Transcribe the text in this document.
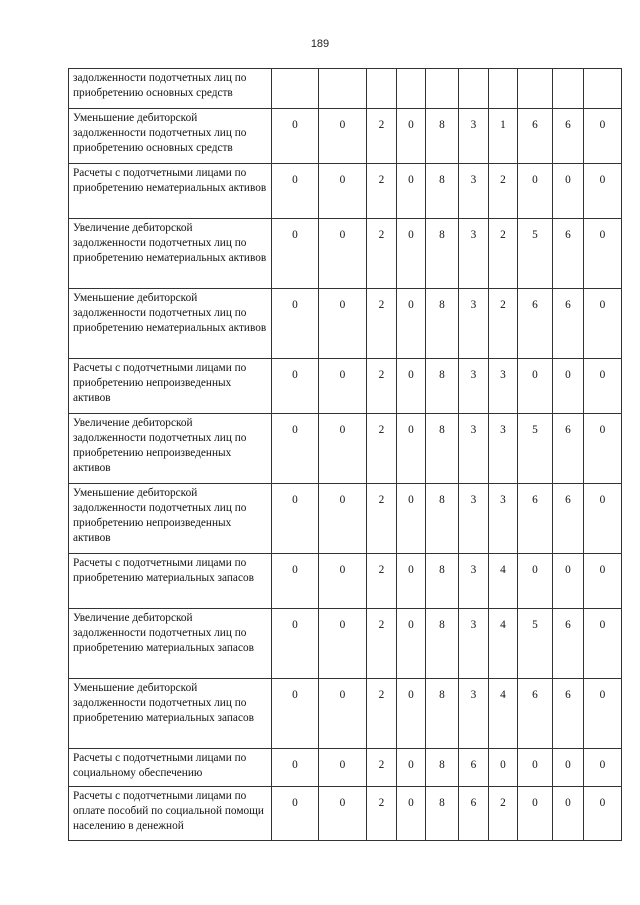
189
задолженности подотчетных лиц по приобретению основных средств										
Уменьшение дебиторской задолженности подотчетных лиц по приобретению основных средств	0	0	2	0	8	3	1	6	6	0
Расчеты с подотчетными лицами по приобретению нематериальных активов	0	0	2	0	8	3	2	0	0	0
Увеличение дебиторской задолженности подотчетных лиц по приобретению нематериальных активов	0	0	2	0	8	3	2	5	6	0
Уменьшение дебиторской задолженности подотчетных лиц по приобретению нематериальных активов	0	0	2	0	8	3	2	6	6	0
Расчеты с подотчетными лицами по приобретению непроизведенных активов	0	0	2	0	8	3	3	0	0	0
Увеличение дебиторской задолженности подотчетных лиц по приобретению непроизведенных активов	0	0	2	0	8	3	3	5	6	0
Уменьшение дебиторской задолженности подотчетных лиц по приобретению непроизведенных активов	0	0	2	0	8	3	3	6	6	0
Расчеты с подотчетными лицами по приобретению материальных запасов	0	0	2	0	8	3	4	0	0	0
Увеличение дебиторской задолженности подотчетных лиц по приобретению материальных запасов	0	0	2	0	8	3	4	5	6	0
Уменьшение дебиторской задолженности подотчетных лиц по приобретению материальных запасов	0	0	2	0	8	3	4	6	6	0
Расчеты с подотчетными лицами по социальному обеспечению	0	0	2	0	8	6	0	0	0	0
Расчеты с подотчетными лицами по оплате пособий по социальной помощи населению в денежной	0	0	2	0	8	6	2	0	0	0
